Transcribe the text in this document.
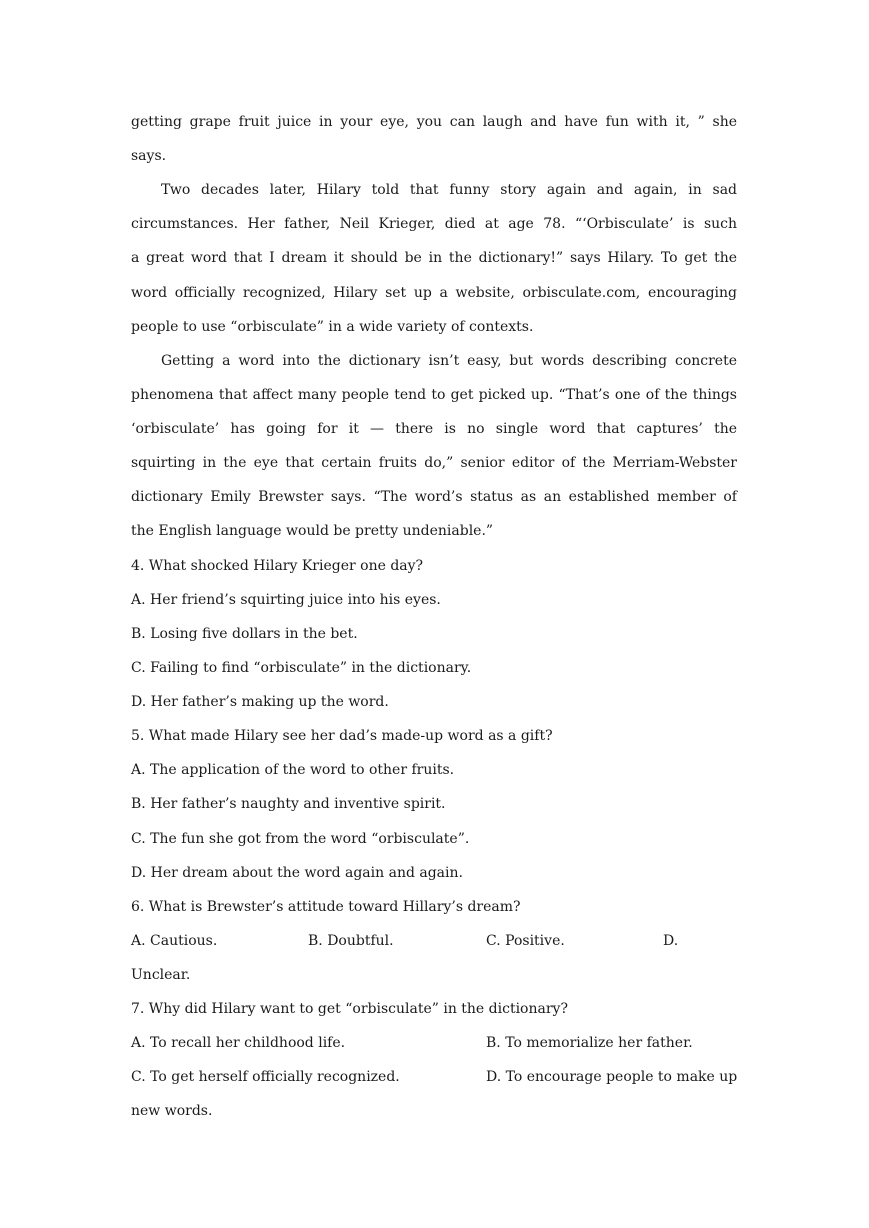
getting grape fruit juice in your eye, you can laugh and have fun with it, ” she
says.
Two decades later, Hilary told that funny story again and again, in sad
circumstances. Her father, Neil Krieger, died at age 78. “‘Orbisculate’ is such
a great word that I dream it should be in the dictionary!” says Hilary. To get the
word officially recognized, Hilary set up a website, orbisculate.com, encouraging
people to use “orbisculate” in a wide variety of contexts.
Getting a word into the dictionary isn’t easy, but words describing concrete
phenomena that affect many people tend to get picked up. “That’s one of the things
‘orbisculate’ has going for it — there is no single word that captures’ the
squirting in the eye that certain fruits do,” senior editor of the Merriam-Webster
dictionary Emily Brewster says. “The word’s status as an established member of
the English language would be pretty undeniable.”
4. What shocked Hilary Krieger one day?
A. Her friend’s squirting juice into his eyes.
B. Losing five dollars in the bet.
C. Failing to find “orbisculate” in the dictionary.
D. Her father’s making up the word.
5. What made Hilary see her dad’s made-up word as a gift?
A. The application of the word to other fruits.
B. Her father’s naughty and inventive spirit.
C. The fun she got from the word “orbisculate”.
D. Her dream about the word again and again.
6. What is Brewster’s attitude toward Hillary’s dream?
A. Cautious.	B. Doubtful.	C. Positive.	D.
Unclear.
7. Why did Hilary want to get “orbisculate” in the dictionary?
A. To recall her childhood life.	B. To memorialize her father.
C. To get herself officially recognized.	D. To encourage people to make up
new words.
